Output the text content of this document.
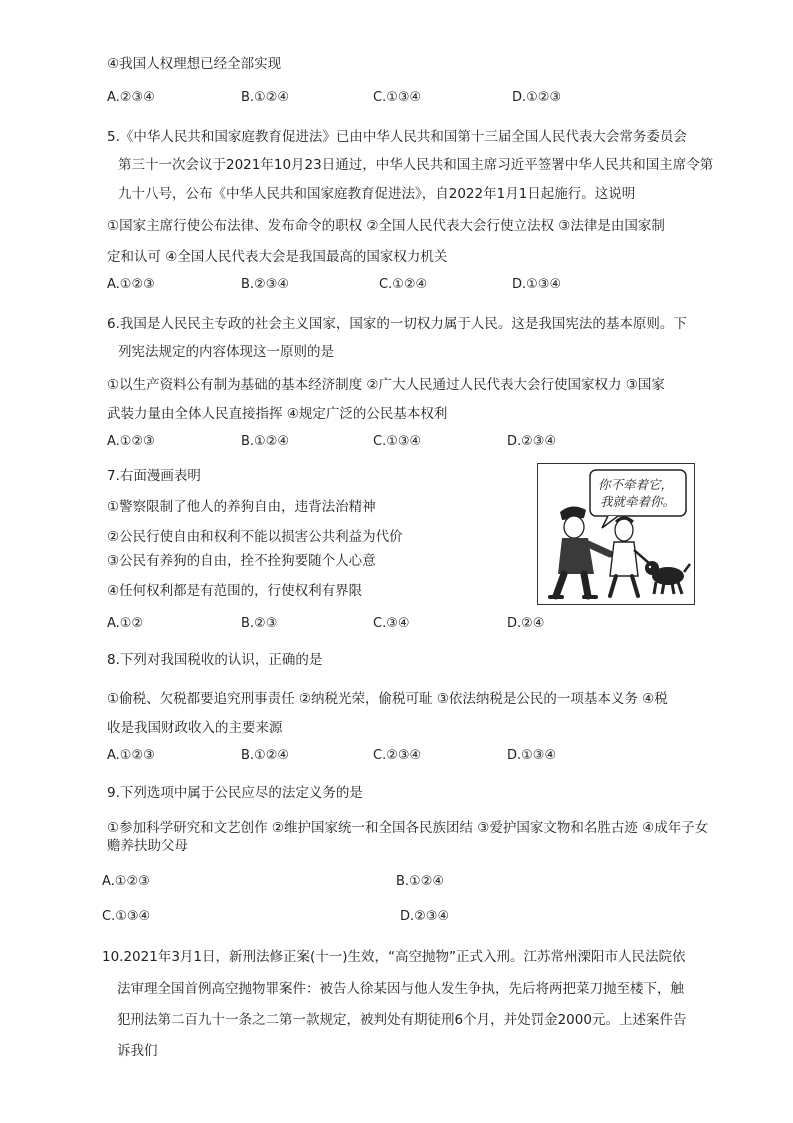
④我国人权理想已经全部实现
A.②③④	B.①②④	C.①③④	D.①②③
5.《中华人民共和国家庭教育促进法》已由中华人民共和国第十三届全国人民代表大会常务委员会
第三十一次会议于2021年10月23日通过，中华人民共和国主席习近平签署中华人民共和国主席令第
九十八号，公布《中华人民共和国家庭教育促进法》，自2022年1月1日起施行。这说明
①国家主席行使公布法律、发布命令的职权 ②全国人民代表大会行使立法权 ③法律是由国家制
定和认可 ④全国人民代表大会是我国最高的国家权力机关
A.①②③	B.②③④	C.①②④	D.①③④
6.我国是人民民主专政的社会主义国家，国家的一切权力属于人民。这是我国宪法的基本原则。下
列宪法规定的内容体现这一原则的是
①以生产资料公有制为基础的基本经济制度 ②广大人民通过人民代表大会行使国家权力 ③国家
武装力量由全体人民直接指挥 ④规定广泛的公民基本权利
A.①②③	B.①②④	C.①③④	D.②③④
7.右面漫画表明
①警察限制了他人的养狗自由，违背法治精神
②公民行使自由和权利不能以损害公共利益为代价
③公民有养狗的自由，拴不拴狗要随个人心意
④任何权利都是有范围的，行使权利有界限
A.①②	B.②③	C.③④	D.②④
你不牵着它，
我就牵着你。
8.下列对我国税收的认识，正确的是
①偷税、欠税都要追究刑事责任 ②纳税光荣，偷税可耻 ③依法纳税是公民的一项基本义务 ④税
收是我国财政收入的主要来源
A.①②③	B.①②④	C.②③④	D.①③④
9.下列选项中属于公民应尽的法定义务的是
①参加科学研究和文艺创作 ②维护国家统一和全国各民族团结 ③爱护国家文物和名胜古迹 ④成年子女
赡养扶助父母
A.①②③	B.①②④
C.①③④	D.②③④
10.2021年3月1日，新刑法修正案(十一)生效，“高空抛物”正式入刑。江苏常州溧阳市人民法院依
法审理全国首例高空抛物罪案件：被告人徐某因与他人发生争执，先后将两把菜刀抛至楼下，触
犯刑法第二百九十一条之二第一款规定，被判处有期徒刑6个月，并处罚金2000元。上述案件告
诉我们
